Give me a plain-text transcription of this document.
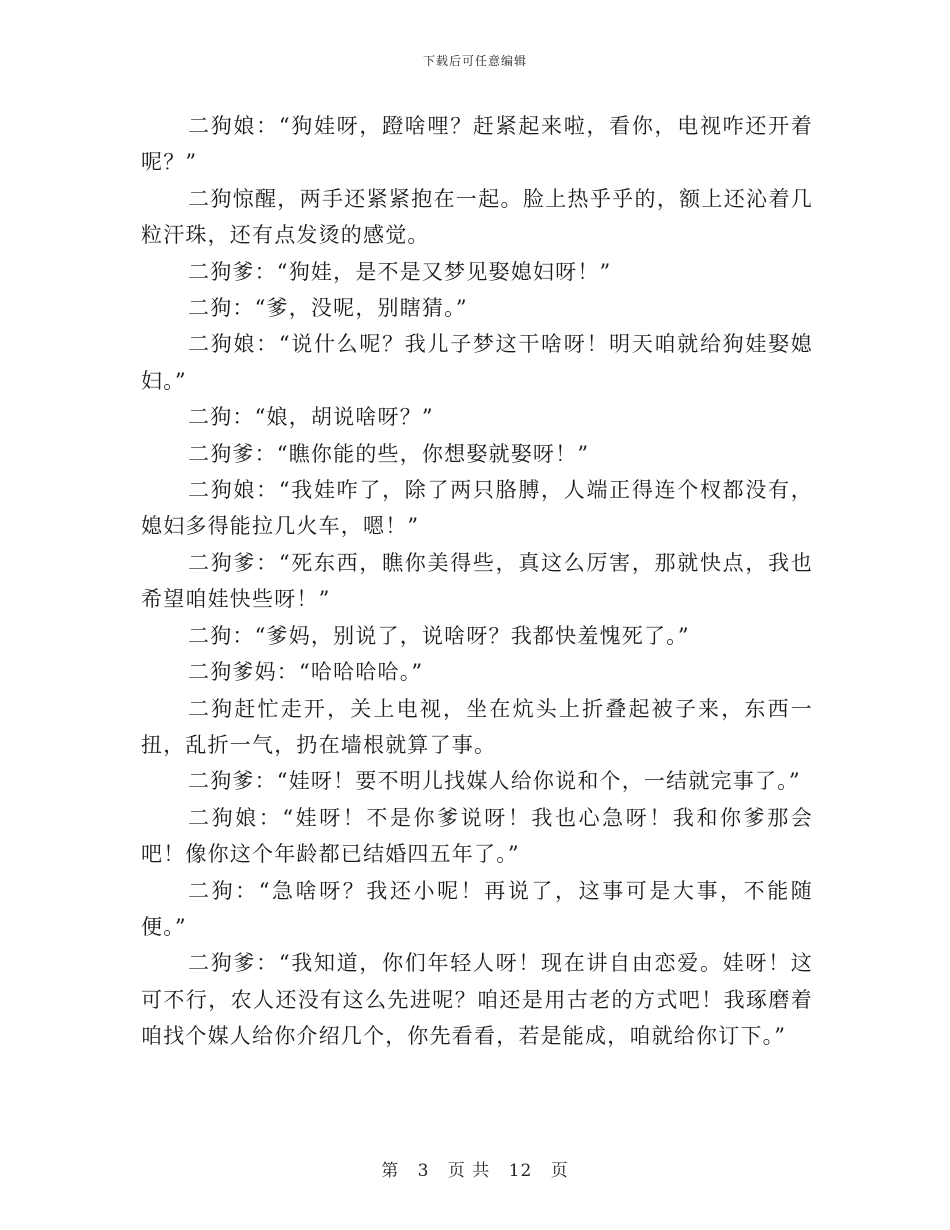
下载后可任意编辑

二狗娘：“狗娃呀，蹬啥哩？赶紧起来啦，看你，电视咋还开着呢？”

二狗惊醒，两手还紧紧抱在一起。脸上热乎乎的，额上还沁着几粒汗珠，还有点发烫的感觉。

二狗爹：“狗娃，是不是又梦见娶媳妇呀！”

二狗：“爹，没呢，别瞎猜。”

二狗娘：“说什么呢？我儿子梦这干啥呀！明天咱就给狗娃娶媳妇。”

二狗：“娘，胡说啥呀？”

二狗爹：“瞧你能的些，你想娶就娶呀！”

二狗娘：“我娃咋了，除了两只胳膊，人端正得连个杈都没有，媳妇多得能拉几火车，嗯！”

二狗爹：“死东西，瞧你美得些，真这么厉害，那就快点，我也希望咱娃快些呀！”

二狗：“爹妈，别说了，说啥呀？我都快羞愧死了。”

二狗爹妈：“哈哈哈哈。”

二狗赶忙走开，关上电视，坐在炕头上折叠起被子来，东西一扭，乱折一气，扔在墙根就算了事。

二狗爹：“娃呀！要不明儿找媒人给你说和个，一结就完事了。”

二狗娘：“娃呀！不是你爹说呀！我也心急呀！我和你爹那会吧！像你这个年龄都已结婚四五年了。”

二狗：“急啥呀？我还小呢！再说了，这事可是大事，不能随便。”

二狗爹：“我知道，你们年轻人呀！现在讲自由恋爱。娃呀！这可不行，农人还没有这么先进呢？咱还是用古老的方式吧！我琢磨着咱找个媒人给你介绍几个，你先看看，若是能成，咱就给你订下。”

第 3 页 共 12 页
